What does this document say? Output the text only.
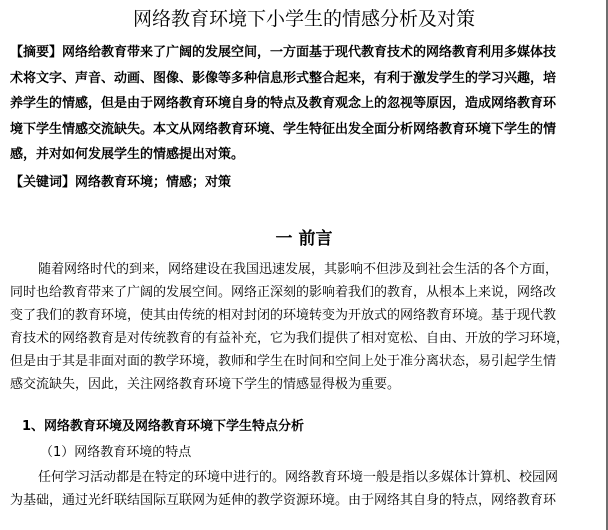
网络教育环境下小学生的情感分析及对策
【摘要】网络给教育带来了广阔的发展空间，一方面基于现代教育技术的网络教育利用多媒体技
术将文字、声音、动画、图像、影像等多种信息形式整合起来，有利于激发学生的学习兴趣，培
养学生的情感，但是由于网络教育环境自身的特点及教育观念上的忽视等原因，造成网络教育环
境下学生情感交流缺失。本文从网络教育环境、学生特征出发全面分析网络教育环境下学生的情
感，并对如何发展学生的情感提出对策。
【关键词】网络教育环境；情感；对策
一 前言
随着网络时代的到来，网络建设在我国迅速发展，其影响不但涉及到社会生活的各个方面，
同时也给教育带来了广阔的发展空间。网络正深刻的影响着我们的教育，从根本上来说，网络改
变了我们的教育环境，使其由传统的相对封闭的环境转变为开放式的网络教育环境。基于现代教
育技术的网络教育是对传统教育的有益补充，它为我们提供了相对宽松、自由、开放的学习环境，
但是由于其是非面对面的教学环境，教师和学生在时间和空间上处于准分离状态，易引起学生情
感交流缺失，因此，关注网络教育环境下学生的情感显得极为重要。
1、网络教育环境及网络教育环境下学生特点分析
（1）网络教育环境的特点
任何学习活动都是在特定的环境中进行的。网络教育环境一般是指以多媒体计算机、校园网
为基础，通过光纤联结国际互联网为延伸的教学资源环境。由于网络其自身的特点，网络教育环
